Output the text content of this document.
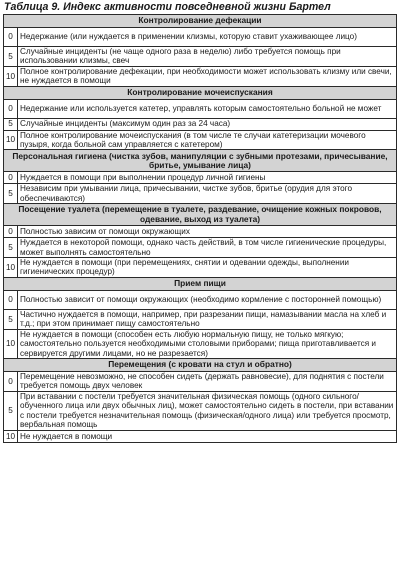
Таблица 9. Индекс активности повседневной жизни Бартел
Контролирование дефекации	
0	Недержание (или нуждается в применении клизмы, которую ставит ухаживающее лицо)
5	Случайные инциденты (не чаще одного раза в неделю) либо требуется помощь при использовании клизмы, свеч
10	Полное контролирование дефекации, при необходимости может использовать клизму или свечи, не нуждается в помощи
Контролирование мочеиспускания	
0	Недержание или используется катетер, управлять которым самостоятельно больной не может
5	Случайные инциденты (максимум один раз за 24 часа)
10	Полное контролирование мочеиспускания (в том числе те случаи катетеризации мочевого пузыря, когда больной сам управляется с катетером)
Персональная гигиена (чистка зубов, манипуляции с зубными протезами, причесывание, бритье, умывание лица)	
0	Нуждается в помощи при выполнении процедур личной гигиены
5	Независим при умывании лица, причесывании, чистке зубов, бритье (орудия для этого обеспечиваются)
Посещение туалета (перемещение в туалете, раздевание, очищение кожных покровов, одевание, выход из туалета)	
0	Полностью зависим от помощи окружающих
5	Нуждается в некоторой помощи, однако часть действий, в том числе гигиенические процедуры, может выполнять самостоятельно
10	Не нуждается в помощи (при перемещениях, снятии и одевании одежды, выполнении гигиенических процедур)
Прием пищи	
0	Полностью зависит от помощи окружающих (необходимо кормление с посторонней помощью)
5	Частично нуждается в помощи, например, при разрезании пищи, намазывании масла на хлеб и т.д.; при этом принимает пищу самостоятельно
10	Не нуждается в помощи (способен есть любую нормальную пищу, не только мягкую; самостоятельно пользуется необходимыми столовыми приборами; пища приготавливается и сервируется другими лицами, но не разрезается)
Перемещения (с кровати на стул и обратно)	
0	Перемещение невозможно, не способен сидеть (держать равновесие), для поднятия с постели требуется помощь двух человек
5	При вставании с постели требуется значительная физическая помощь (одного сильного/обученного лица или двух обычных лиц), может самостоятельно сидеть в постели, при вставании с постели требуется незначительная помощь (физическая/одного лица) или требуется просмотр, вербальная помощь
10	Не нуждается в помощи
